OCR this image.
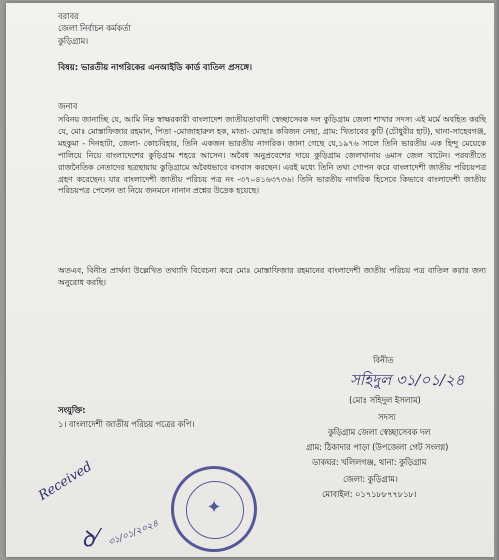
বরাবর
জেলা নির্বাচন কর্মকর্তা
কুড়িগ্রাম।
বিষয়: ভারতীয় নাগরিকের এনআইডি কার্ড বাতিল প্রসঙ্গে।
জনাব
সবিনয় জানাচ্ছি যে, আমি নিম্ন স্বাক্ষরকারী বাংলাদেশ জাতীয়তাবাদী স্বেচ্ছাসেবক দল কুড়িগ্রাম জেলা শাখার সদস্য এই মর্মে অবহিত করছি যে, মোঃ মোস্তাফিজার রহমান, পিতা -মোজাহারুল হক, মাতা- মোছাঃ কবিজন নেছা, গ্রাম: খিতাবের কুটি (চৌধুরীর হাট), থানা-সাহেবগঞ্জ, মহকুমা - দিনহাটা, জেলা- কোচবিহার, তিনি একজন ভারতীয় নাগরিক। জানা গেছে যে,১৯৭৬ সালে তিনি ভারতীয় এক হিন্দু মেয়েকে পালিয়ে নিয়ে বাংলাদেশের কুড়িগ্রাম শহরে আসেন। অবৈধ অনুপ্রবেশের দায়ে কুড়িগ্রাম জেলখানায় ৬মাস জেল খাটেন। পরবর্তীতে রাজনৈতিক নেতাদের ছত্রছায়ায় কুড়িগ্রামে অবৈধভাবে বসবাস করছেন। এরই মধ্যে তিনি তথ্য গোপন করে বাংলাদেশী জাতীয় পরিচয়পত্র গ্রহণ করেছেন। যার বাংলাদেশী জাতীয় পরিচয় পত্র নং -৩৭০৪১৬৩৭৩৬। তিনি ভারতীয় নাগরিক হিসেবে কিভাবে বাংলাদেশী জাতীয় পরিচয়পত্র পেলেন তা নিয়ে জনমনে নানান প্রশ্নের উদ্রেক হয়েছে।
অতএব, বিনীত প্রার্থনা উল্লেখিত তথ্যাদি বিবেচনা করে মোঃ মোস্তাফিজার রহমানের বাংলাদেশী জাতীয় পরিচয় পত্র বাতিল করার জন্য অনুরোধ করছি।
বিনীত
সহিদুল ৩১/০১/২৪
(মোঃ সহিদুল ইসলাম)
সদস্য
কুড়িগ্রাম জেলা স্বেচ্ছাসেবক দল
গ্রাম: ঠিকাদার পাড়া (উপজেলা গেট সংলগ্ন)
ডাকঘর: খলিলগঞ্জ, থানা: কুড়িগ্রাম
জেলা: কুড়িগ্রাম।
মোবাইল: ০১৭১৮৮৭৭৮১৮।
সংযুক্তি:
১। বাংলাদেশী জাতীয় পরিচয় পত্রের কপি।
Received
ꝺ⁄ ৩১/০১/২০২৪
✦
